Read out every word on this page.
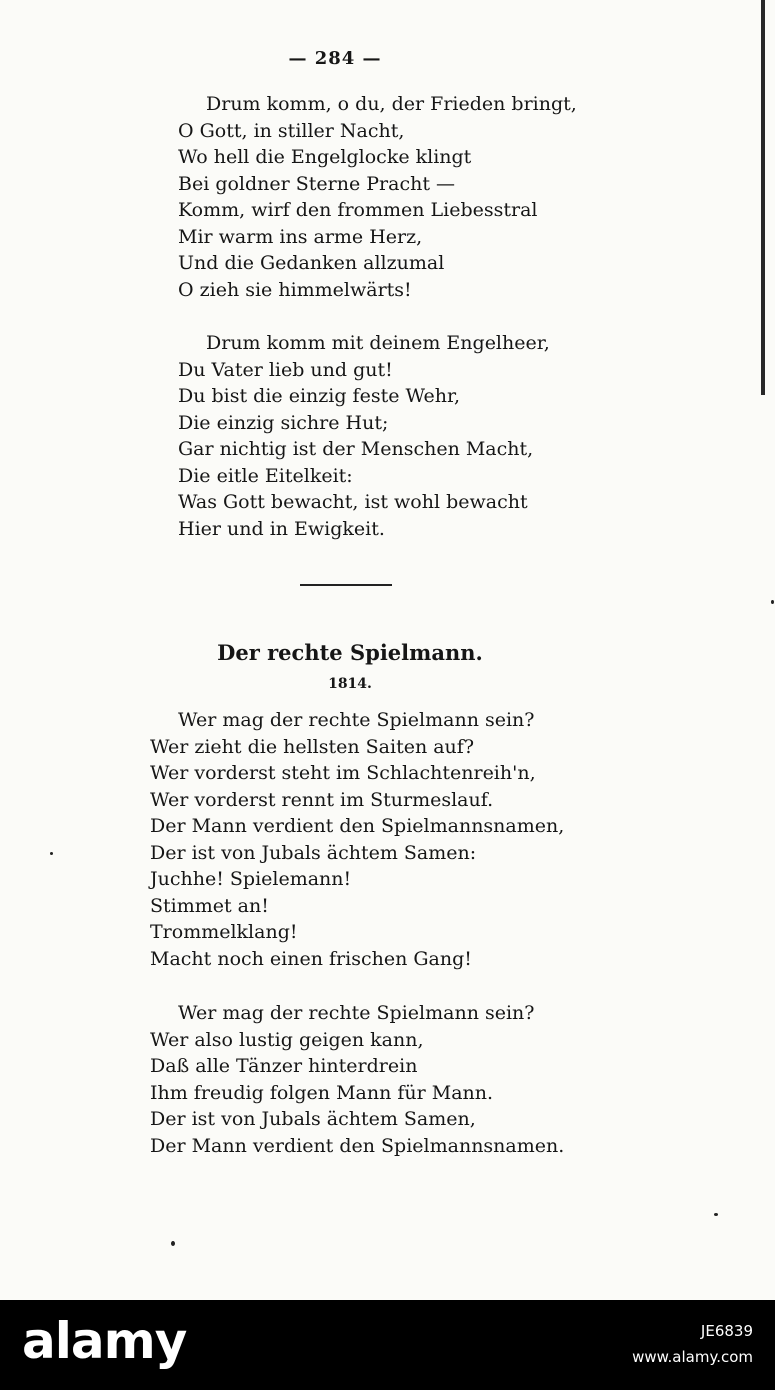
— 284 —
Drum komm, o du, der Frieden bringt,
O Gott, in stiller Nacht,
Wo hell die Engelglocke klingt
Bei goldner Sterne Pracht —
Komm, wirf den frommen Liebesstral
Mir warm ins arme Herz,
Und die Gedanken allzumal
O zieh sie himmelwärts!
Drum komm mit deinem Engelheer,
Du Vater lieb und gut!
Du bist die einzig feste Wehr,
Die einzig sichre Hut;
Gar nichtig ist der Menschen Macht,
Die eitle Eitelkeit:
Was Gott bewacht, ist wohl bewacht
Hier und in Ewigkeit.
Der rechte Spielmann.
1814.
Wer mag der rechte Spielmann sein?
Wer zieht die hellsten Saiten auf?
Wer vorderst steht im Schlachtenreih'n,
Wer vorderst rennt im Sturmeslauf.
Der Mann verdient den Spielmannsnamen,
Der ist von Jubals ächtem Samen:
Juchhe! Spielemann!
Stimmet an!
Trommelklang!
Macht noch einen frischen Gang!
Wer mag der rechte Spielmann sein?
Wer also lustig geigen kann,
Daß alle Tänzer hinterdrein
Ihm freudig folgen Mann für Mann.
Der ist von Jubals ächtem Samen,
Der Mann verdient den Spielmannsnamen.
alamy	JE6839
www.alamy.com
